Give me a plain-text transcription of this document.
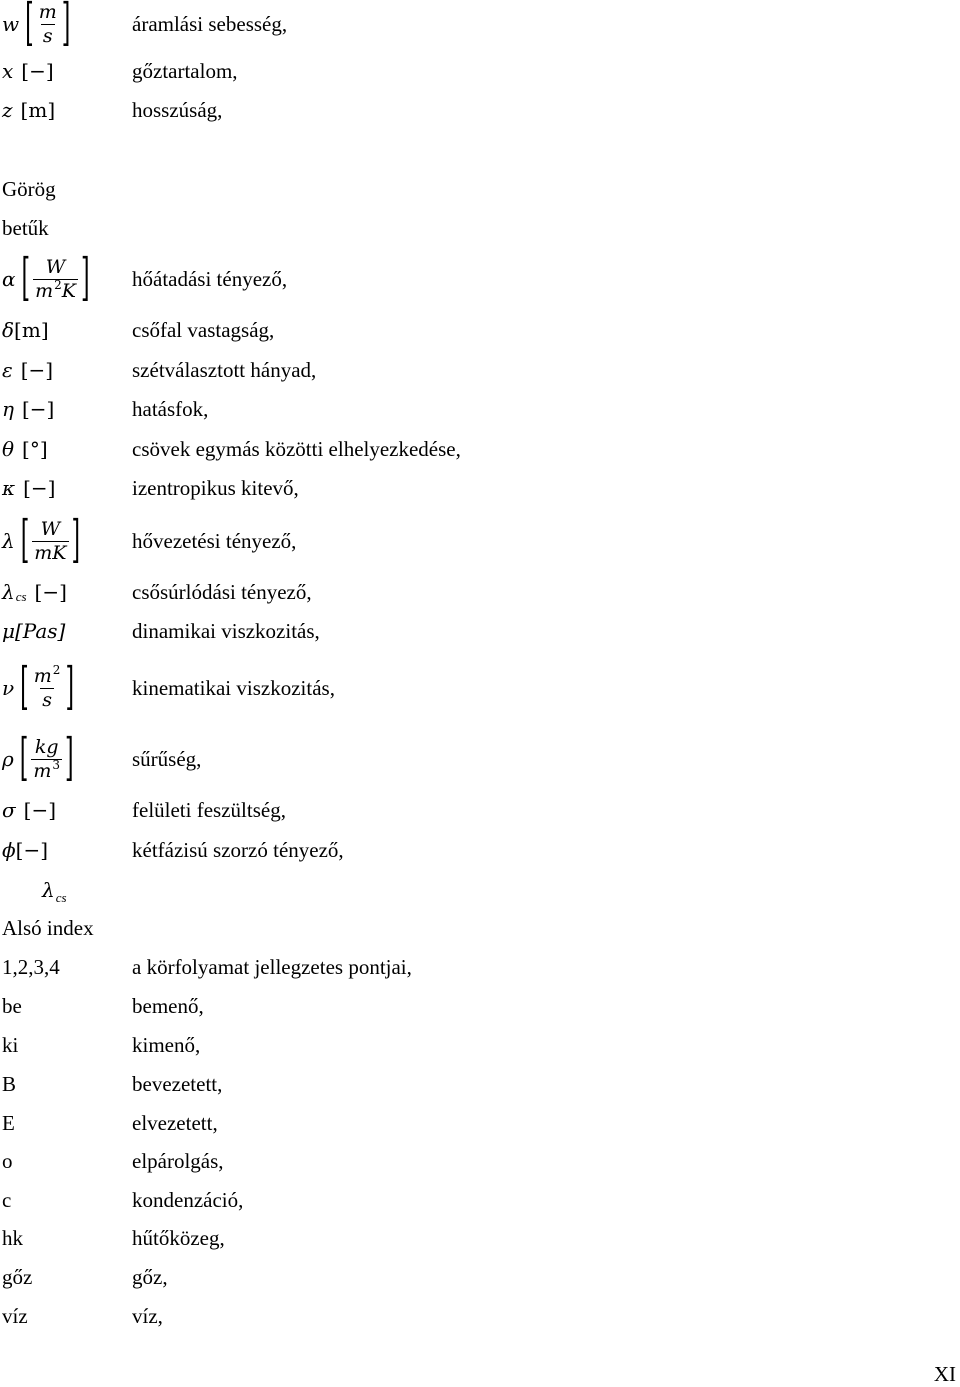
w [ $\frac{m}{s}$ ]	áramlási sebesség,
x [−]	gőztartalom,
z [m]	hosszúság,
Görög
betűk
α [ $\frac{W}{m^2K}$ ] hőátadási tényező,
δ [m]	csőfal vastagság,
ε [−]	szétválasztott hányad,
η [−]	hatásfok,
θ [°]	csövek egymás közötti elhelyezkedése,
κ [−]	izentropikus kitevő,
λ [ $\frac{W}{mK}$ ] hővezetési tényező,
λ cs [−]	csősúrlódási tényező,
μ [Pas]	dinamikai viszkozitás,
ν [ $\frac{m^2}{s}$ ]	kinematikai viszkozitás,
ρ [ $\frac{kg}{m^3}$ ]	sűrűség,
σ [−]	felületi feszültség,
ϕ [−]	kétfázisú szorzó tényező,
$\lambda_{cs}$
Alsó index
1,2,3,4	a körfolyamat jellegzetes pontjai,
be	bemenő,
ki	kimenő,
B	bevezetett,
E	elvezetett,
o	elpárolgás,
c	kondenzáció,
hk	hűtőközeg,
gőz	gőz,
víz	víz,
XI
